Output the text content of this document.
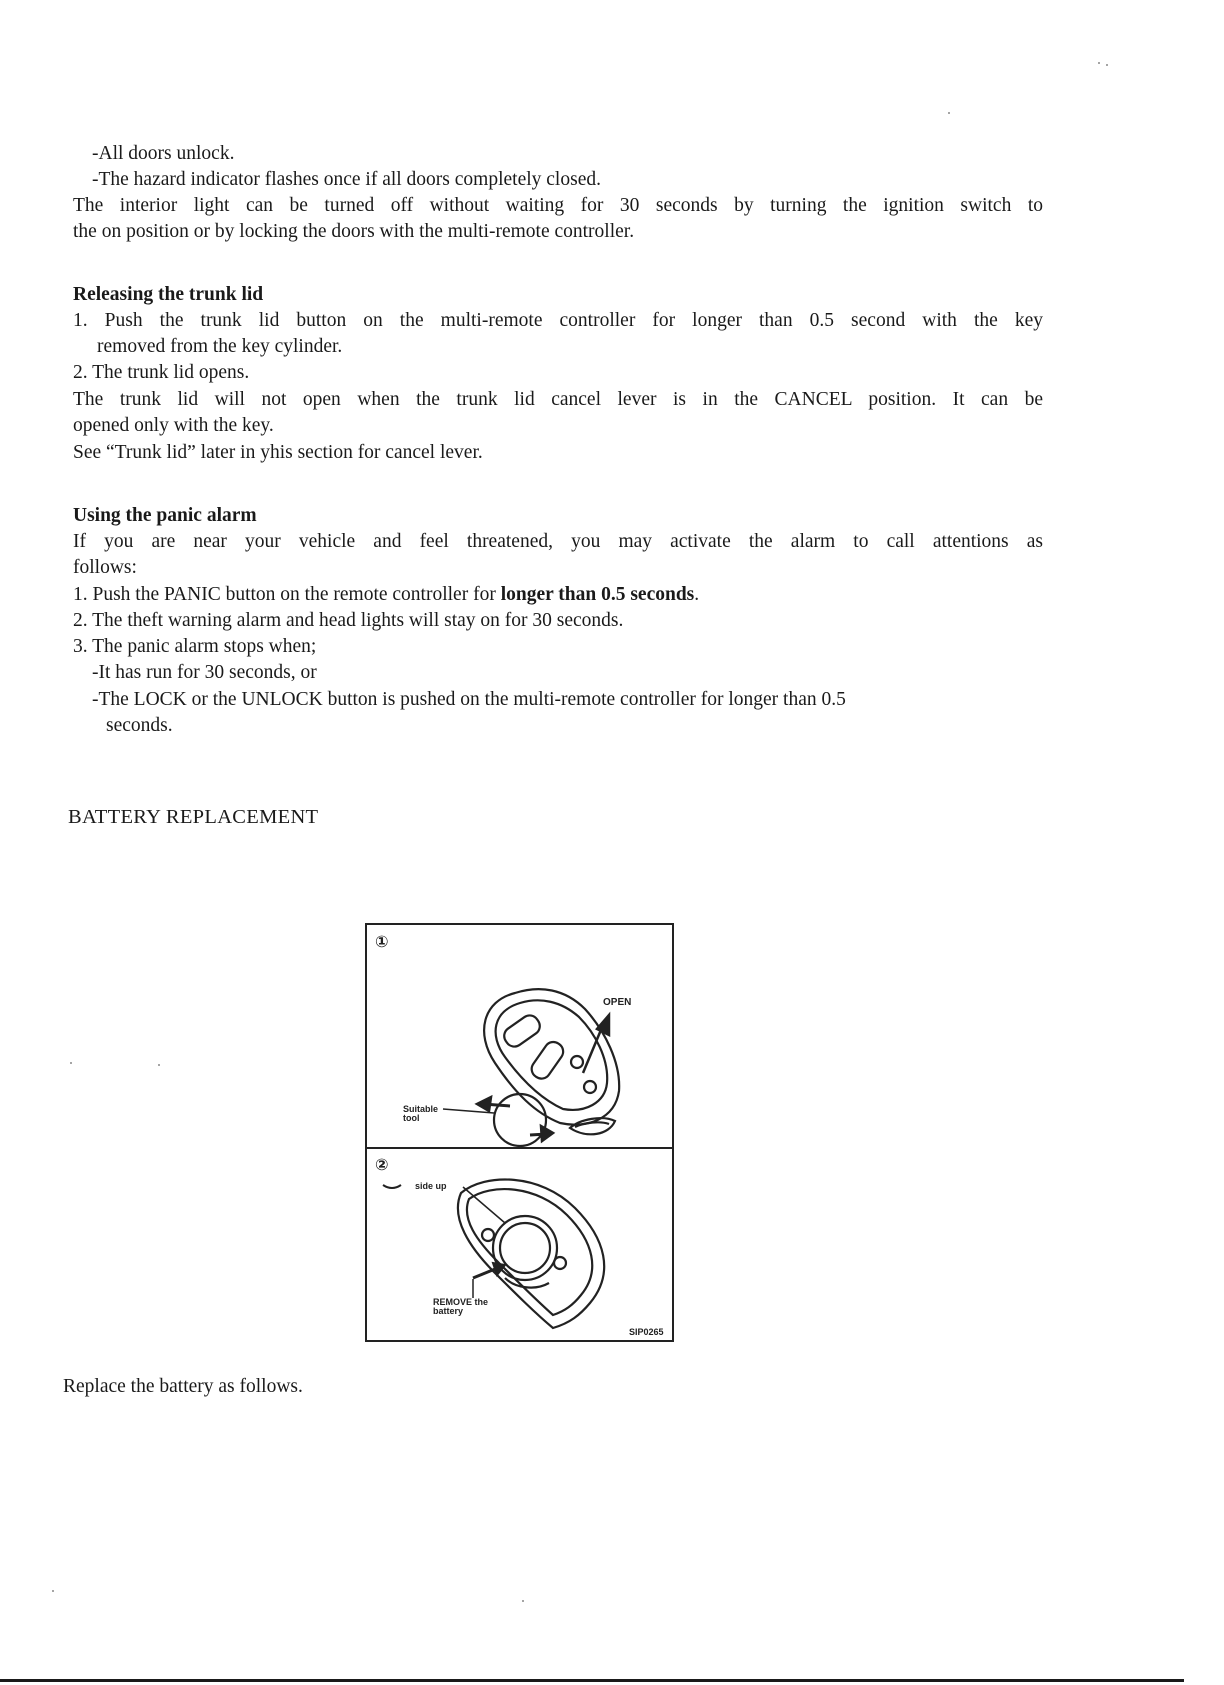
-All doors unlock.
-The hazard indicator flashes once if all doors completely closed.
The interior light can be turned off without waiting for 30 seconds by turning the ignition switch to
the on position or by locking the doors with the multi-remote controller.
Releasing the trunk lid
1. Push the trunk lid button on the multi-remote controller for longer than 0.5 second with the key
removed from the key cylinder.
2. The trunk lid opens.
The trunk lid will not open when the trunk lid cancel lever is in the CANCEL position. It can be
opened only with the key.
See “Trunk lid” later in yhis section for cancel lever.
Using the panic alarm
If you are near your vehicle and feel threatened, you may activate the alarm to call attentions as
follows:
1. Push the PANIC button on the remote controller for longer than 0.5 seconds.
2. The theft warning alarm and head lights will stay on for 30 seconds.
3. The panic alarm stops when;
-It has run for 30 seconds, or
-The LOCK or the UNLOCK button is pushed on the multi-remote controller for longer than 0.5
seconds.
BATTERY REPLACEMENT
①
OPEN
Suitable
tool
②
side up
REMOVE the
battery
SIP0265
Replace the battery as follows.
